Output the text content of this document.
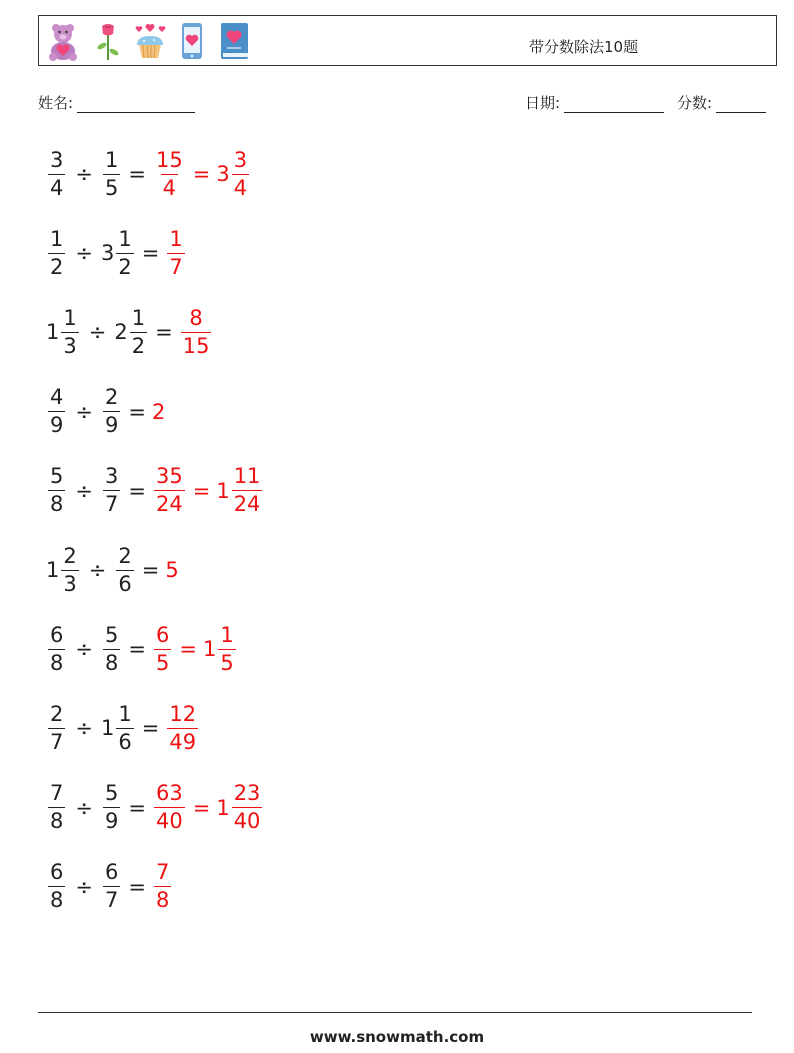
带分数除法10题
姓名:	日期:	分数:
$\frac{3}{4} \div \frac{1}{5} = \frac{15}{4} = 3 \frac{3}{4}$
$\frac{1}{2} \div 3 \frac{1}{2} = \frac{1}{7}$
$1 \frac{1}{3} \div 2 \frac{1}{2} = \frac{8}{15}$
$\frac{4}{9} \div \frac{2}{9} = 2$
$\frac{5}{8} \div \frac{3}{7} = \frac{35}{24} = 1 \frac{11}{24}$
$1 \frac{2}{3} \div \frac{2}{6} = 5$
$\frac{6}{8} \div \frac{5}{8} = \frac{6}{5} = 1 \frac{1}{5}$
$\frac{2}{7} \div 1 \frac{1}{6} = \frac{12}{49}$
$\frac{7}{8} \div \frac{5}{9} = \frac{63}{40} = 1 \frac{23}{40}$
$\frac{6}{8} \div \frac{6}{7} = \frac{7}{8}$
www.snowmath.com
